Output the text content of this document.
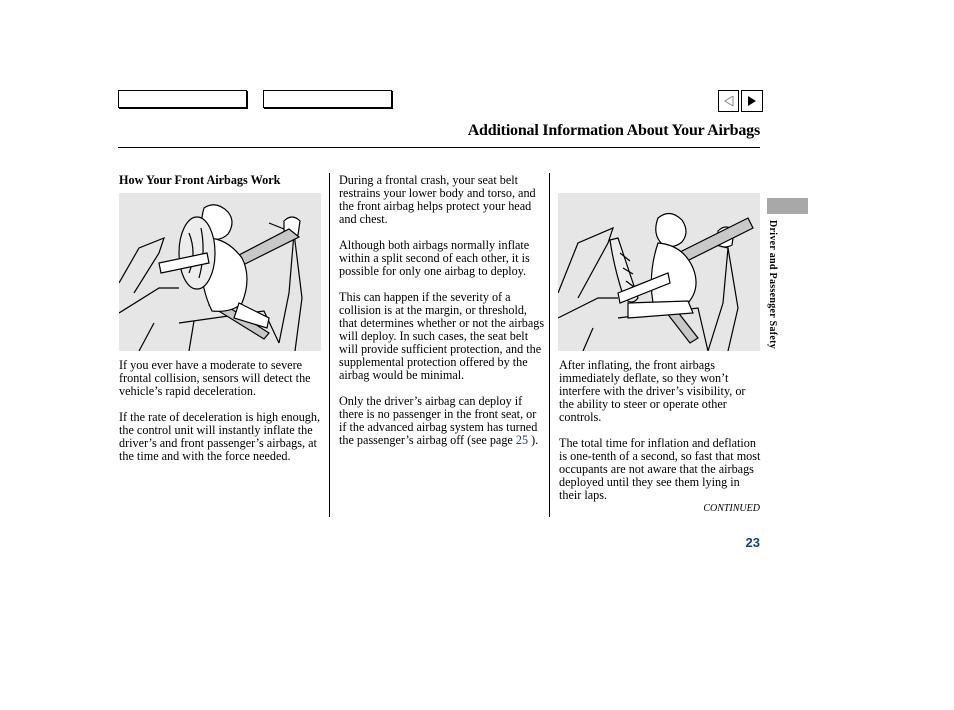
Additional Information About Your Airbags
How Your Front Airbags Work

If you ever have a moderate to severe frontal collision, sensors will detect the vehicle’s rapid deceleration.

If the rate of deceleration is high enough, the control unit will instantly inflate the driver’s and front passenger’s airbags, at the time and with the force needed.

During a frontal crash, your seat belt restrains your lower body and torso, and the front airbag helps protect your head and chest.

Although both airbags normally inflate within a split second of each other, it is possible for only one airbag to deploy.

This can happen if the severity of a collision is at the margin, or threshold, that determines whether or not the airbags will deploy. In such cases, the seat belt will provide sufficient protection, and the supplemental protection offered by the airbag would be minimal.

Only the driver’s airbag can deploy if there is no passenger in the front seat, or if the advanced airbag system has turned the passenger’s airbag off (see page 25 ).

After inflating, the front airbags immediately deflate, so they won’t interfere with the driver’s visibility, or the ability to steer or operate other controls.

The total time for inflation and deflation is one-tenth of a second, so fast that most occupants are not aware that the airbags deployed until they see them lying in their laps.

CONTINUED
Driver and Passenger Safety
23
